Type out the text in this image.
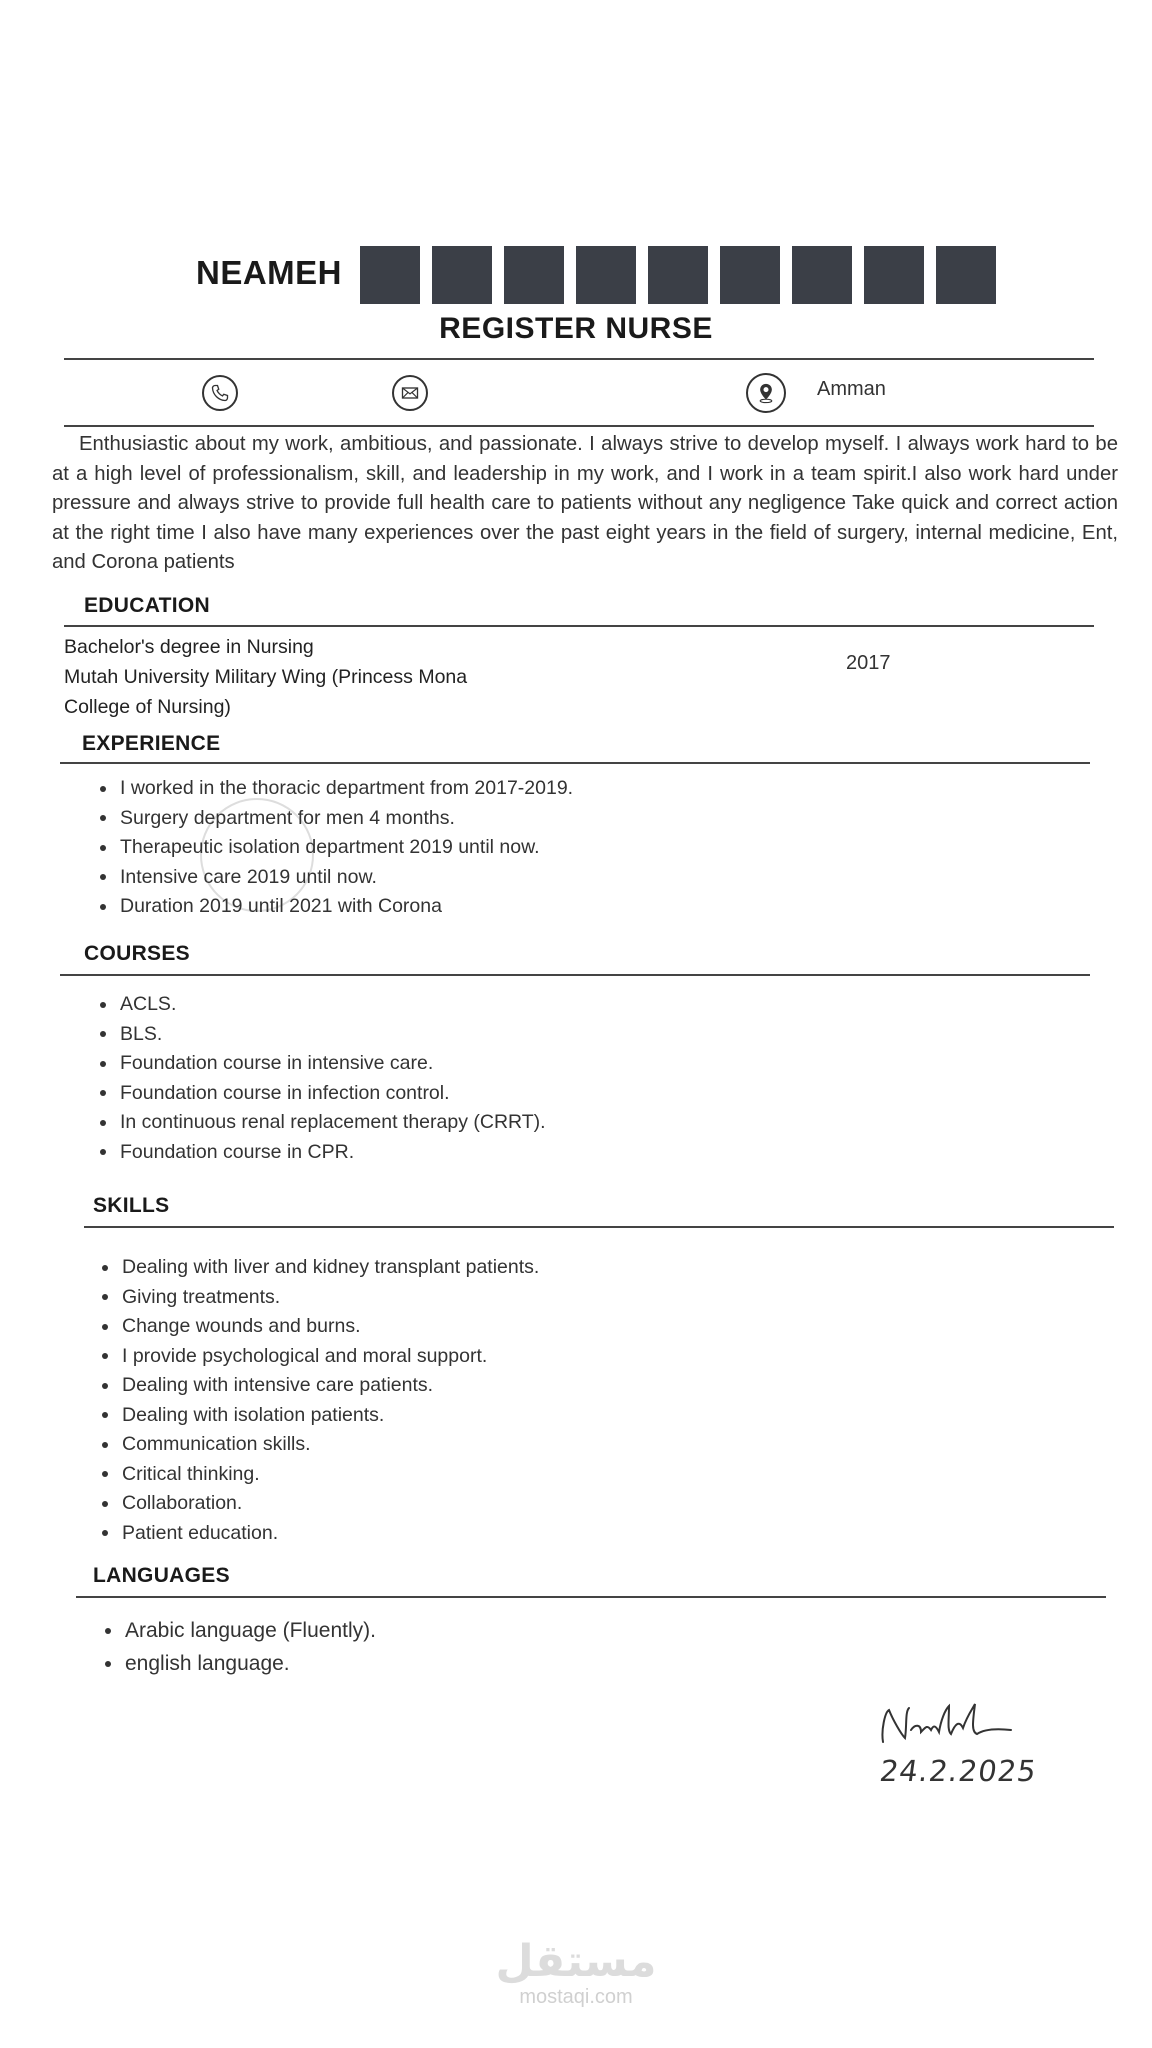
NEAMEH
REGISTER NURSE
Amman
Enthusiastic about my work, ambitious, and passionate. I always strive to develop myself. I always work hard to be at a high level of professionalism, skill, and leadership in my work, and I work in a team spirit.I also work hard under pressure and always strive to provide full health care to patients without any negligence Take quick and correct action at the right time I also have many experiences over the past eight years in the field of surgery, internal medicine, Ent, and Corona patients
EDUCATION
Bachelor's degree in Nursing
Mutah University Military Wing (Princess Mona
College of Nursing)
2017
EXPERIENCE
I worked in the thoracic department from 2017-2019.
Surgery department for men 4 months.
Therapeutic isolation department 2019 until now.
Intensive care 2019 until now.
Duration 2019 until 2021 with Corona
COURSES
ACLS.
BLS.
Foundation course in intensive care.
Foundation course in infection control.
In continuous renal replacement therapy (CRRT).
Foundation course in CPR.
SKILLS
Dealing with liver and kidney transplant patients.
Giving treatments.
Change wounds and burns.
I provide psychological and moral support.
Dealing with intensive care patients.
Dealing with isolation patients.
Communication skills.
Critical thinking.
Collaboration.
Patient education.
LANGUAGES
Arabic language (Fluently).
english language.
24.2.2025
مستقل
mostaqi.com
